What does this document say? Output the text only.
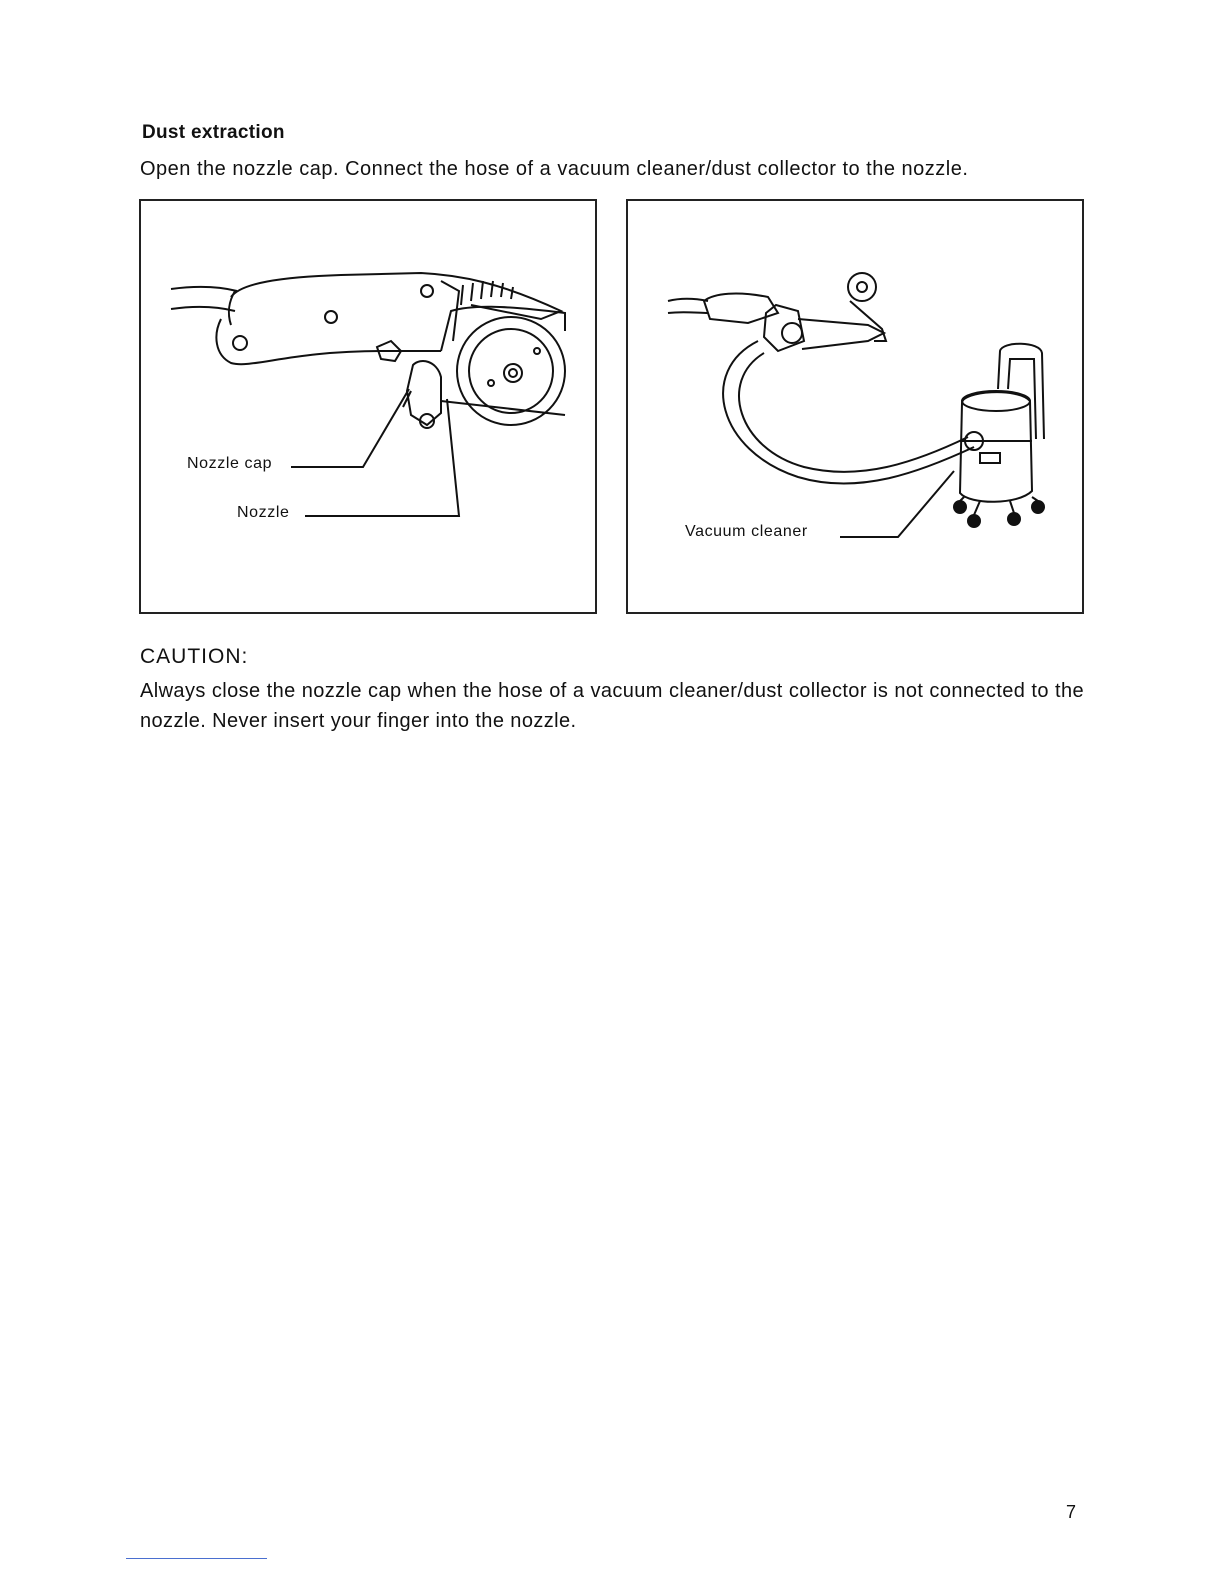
Dust extraction
Open the nozzle cap. Connect the hose of a vacuum cleaner/dust collector to the nozzle.
Nozzle cap
Nozzle
Vacuum cleaner
CAUTION:
Always close the nozzle cap when the hose of a vacuum cleaner/dust collector is not connected to the nozzle. Never insert your finger into the nozzle.
7
